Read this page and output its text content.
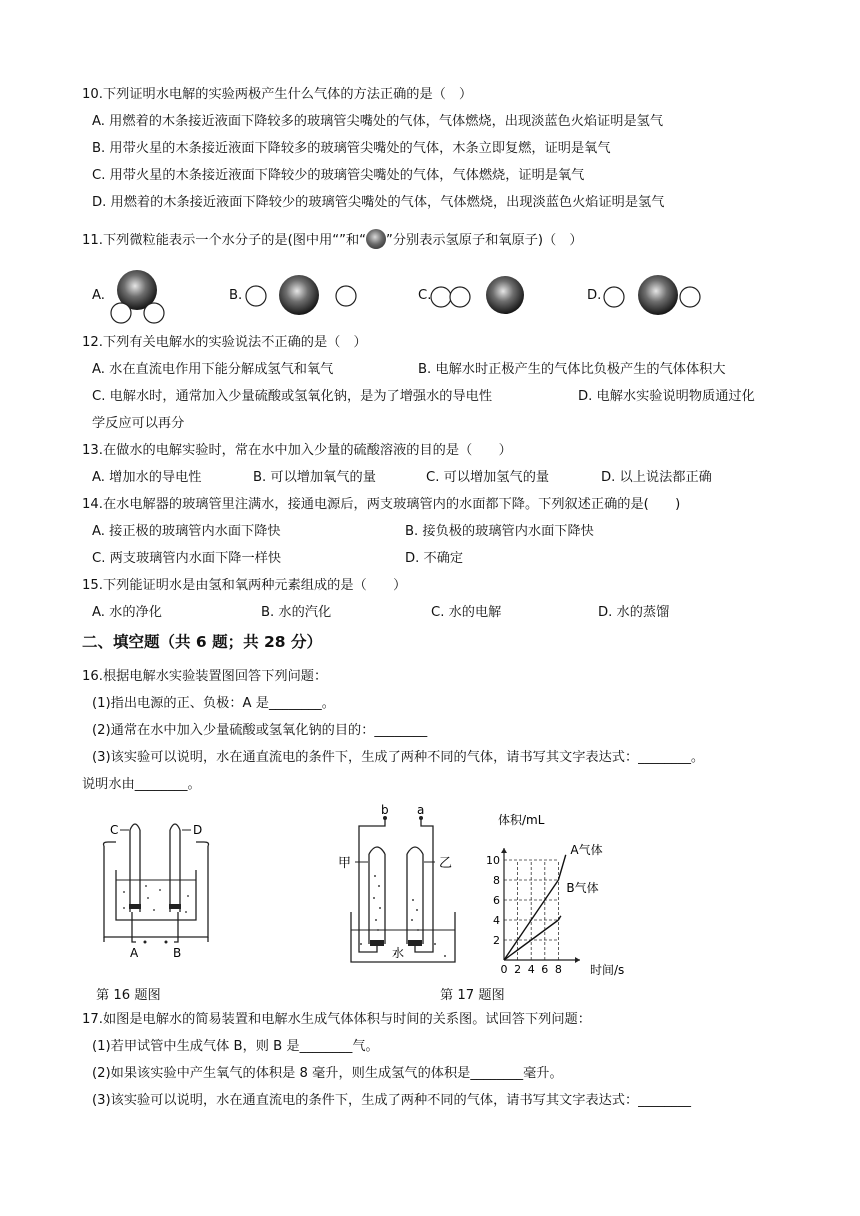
10.下列证明水电解的实验两极产生什么气体的方法正确的是（　）
A. 用燃着的木条接近液面下降较多的玻璃管尖嘴处的气体，气体燃烧，出现淡蓝色火焰证明是氢气
B. 用带火星的木条接近液面下降较多的玻璃管尖嘴处的气体，木条立即复燃，证明是氧气
C. 用带火星的木条接近液面下降较少的玻璃管尖嘴处的气体，气体燃烧，证明是氧气
D. 用燃着的木条接近液面下降较少的玻璃管尖嘴处的气体，气体燃烧，出现淡蓝色火焰证明是氢气
11.下列微粒能表示一个水分子的是(图中用“”和“ ”分别表示氢原子和氧原子)（　）
A.	B.	C.	D.
12.下列有关电解水的实验说法不正确的是（　）
A. 水在直流电作用下能分解成氢气和氧气	B. 电解水时正极产生的气体比负极产生的气体体积大
C. 电解水时，通常加入少量硫酸或氢氧化钠，是为了增强水的导电性	D. 电解水实验说明物质通过化
学反应可以再分
13.在做水的电解实验时，常在水中加入少量的硫酸溶液的目的是（　　）
A. 增加水的导电性	B. 可以增加氧气的量	C. 可以增加氢气的量	D. 以上说法都正确
14.在水电解器的玻璃管里注满水，接通电源后，两支玻璃管内的水面都下降。下列叙述正确的是(　　)
A. 接正极的玻璃管内水面下降快	B. 接负极的玻璃管内水面下降快
C. 两支玻璃管内水面下降一样快	D. 不确定
15.下列能证明水是由氢和氧两种元素组成的是（　　）
A. 水的净化	B. 水的汽化	C. 水的电解	D. 水的蒸馏
二、填空题（共 6 题；共 28 分）
16.根据电解水实验装置图回答下列问题：
(1)指出电源的正、负极：A 是________。
(2)通常在水中加入少量硫酸或氢氧化钠的目的：________
(3)该实验可以说明，水在通直流电的条件下，生成了两种不同的气体，请书写其文字表达式：________。
说明水由________。
C	D
A	B
第 16 题图
b a
甲	乙
水
第 17 题图
2
4
6
8
10
0 2 4 6 8
A气体
B气体
体积/mL
时间/s
17.如图是电解水的简易装置和电解水生成气体体积与时间的关系图。试回答下列问题：
(1)若甲试管中生成气体 B，则 B 是________气。
(2)如果该实验中产生氧气的体积是 8 毫升，则生成氢气的体积是________毫升。
(3)该实验可以说明，水在通直流电的条件下，生成了两种不同的气体，请书写其文字表达式：________
